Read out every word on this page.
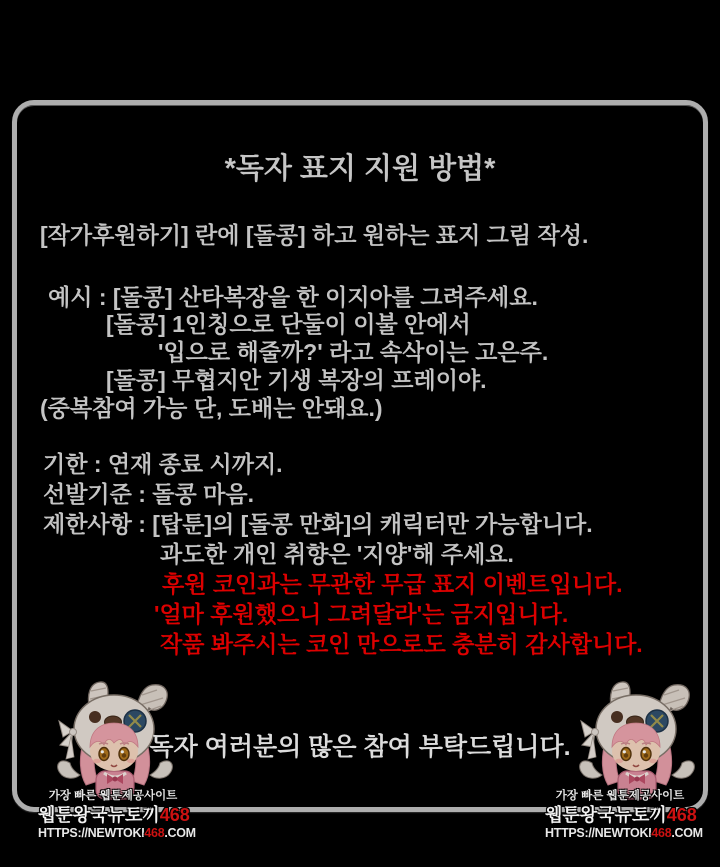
*독자 표지 지원 방법*
[작가후원하기] 란에 [돌콩] 하고 원하는 표지 그림 작성.
예시 : [돌콩] 산타복장을 한 이지아를 그려주세요.
[돌콩] 1인칭으로 단둘이 이불 안에서
'입으로 해줄까?' 라고 속삭이는 고은주.
[돌콩] 무협지안 기생 복장의 프레이야.
(중복참여 가능 단, 도배는 안돼요.)
기한 : 연재 종료 시까지.
선발기준 : 돌콩 마음.
제한사항 : [탑툰]의 [돌콩 만화]의 캐릭터만 가능합니다.
과도한 개인 취향은 '지양'해 주세요.
후원 코인과는 무관한 무급 표지 이벤트입니다.
'얼마 후원했으니 그려달라'는 금지입니다.
작품 봐주시는 코인 만으로도 충분히 감사합니다.
독자 여러분의 많은 참여 부탁드립니다.
가장 빠른 웹툰제공사이트
웹툰왕국뉴토끼468
HTTPS://NEWTOKI468.COM
가장 빠른 웹툰제공사이트
웹툰왕국뉴토끼468
HTTPS://NEWTOKI468.COM
